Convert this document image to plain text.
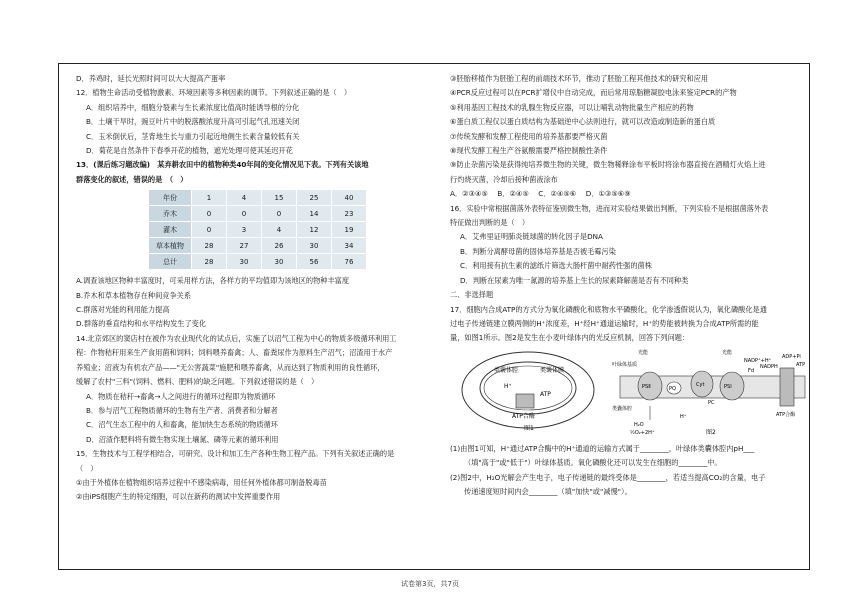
D．养鸡时，延长光照时间可以大大提高产蛋率
12．植物生命活动受植物激素、环境因素等多种因素的调节。下列叙述正确的是（　）
A．组织培养中，细胞分裂素与生长素浓度比值高时能诱导根的分化
B．土壤干旱时，豌豆叶片中的脱落酸浓度升高可引起气孔迅速关闭
C．玉米倒伏后，茎背地生长与重力引起近地侧生长素含量较低有关
D．菊花是自然条件下春季开花的植物，遮光处理可使其延迟开花
13．(课后练习题改编)　某弃耕农田中的植物种类40年间的变化情况见下表。下列有关该地
群落变化的叙述，错误的是　（　）
年份	1	4	15	25	40
乔木	0	0	0	14	23
灌木	0	3	4	12	19
草本植物	28	27	26	30	34
总计	28	30	30	56	76
A.调查该地区物种丰富度时，可采用样方法，各样方的平均值即为该地区的物种丰富度
B.乔木和草本植物存在种间竞争关系
C.群落对光能的利用能力提高
D.群落的垂直结构和水平结构发生了变化
14.北京郊区的窦店村在被作为农业现代化的试点后，实施了以沼气工程为中心的物质多级循环利用工
程：作物秸秆用来生产食用菌和饲料；饲料喂养畜禽；人、畜粪尿作为原料生产沼气；沼渣用于水产
养殖业；沼液为有机农产品——"无公害蔬菜"施肥和喂养畜禽，从而达到了物质利用的良性循环，
缓解了农村"三料"(饲料、燃料、肥料)的缺乏问题。下列叙述错误的是（　）
A．物质在秸秆→畜禽→人之间进行的循环过程即为物质循环
B．参与沼气工程物质循环的生物有生产者、消费者和分解者
C．沼气生态工程中的人和畜禽，能加快生态系统的物质循环
D．沼渣作肥料将有微生物实现土壤氮、磷等元素的循环利用
15．生物技术与工程学相结合，可研究、设计和加工生产各种生物工程产品。下列有关叙述正确的是
（　）
①由于外植体在植物组织培养过程中不感染病毒，用任何外植体都可制备脱毒苗
②由iPS细胞产生的特定细胞，可以在新药的测试中发挥重要作用
③胚胎移植作为胚胎工程的前端技术环节，推动了胚胎工程其他技术的研究和应用
④PCR反应过程可以在PCR扩增仪中自动完成，而后常用琼脂糖凝胶电泳来鉴定PCR的产物
⑤利用基因工程技术的乳腺生物反应器，可以让哺乳动物批量生产相应的药物
⑥蛋白质工程仅以蛋白质结构为基础逆中心法则进行，就可以改造或制造新的蛋白质
⑦传统发酵和发酵工程使用的培养基都要严格灭菌
⑧现代发酵工程生产谷氨酸需要严格控制酸性条件
⑨防止杂菌污染是获得纯培养微生物的关键，微生物稀释涂布平板时将涂布器直接在酒精灯火焰上进
行灼烧灭菌，冷却后接种菌液涂布
A．②③④⑤　 B．②④⑤　 C．②④⑤⑥　 D．①③⑤⑥⑨
16．实验中常根据菌落外表特征鉴别微生物，进而对实验结果做出判断，下列实验不是根据菌落外表
特征做出判断的是（　）
A．艾弗里证明肺炎链球菌的转化因子是DNA
B．判断分离酵母菌的固体培养基是否被毛霉污染
C．利用接有抗生素的滤纸片筛选大肠杆菌中耐药性强的菌株
D．判断在尿素为唯一氮源的培养基上生长的尿素降解菌是否有不同种类
二、非选择题
17．细胞内合成ATP的方式分为氧化磷酸化和底物水平磷酸化，化学渗透假说认为，氧化磷酸化是通
过电子传递链建立膜两侧的H⁺浓度差，H⁺经H⁺通道运输时，H⁺的势能被转换为合成ATP所需的能
量，如图1所示。图2是发生在小麦叶绿体内的光反应机制，回答下列问题：
类囊体腔	类囊体膜
H⁺
ATP
ATP合酶
图1
叶绿体基质
类囊体腔
光能	光能
PSⅡ	PSⅠ
PQ
Cyt
PC
Fd
NADP⁺+H⁺
NADPH
ATP合酶
ADP+Pi
ATP
H₂O
½O₂+2H⁺
H⁺
图2
(1)由图1可知，H⁺通过ATP合酶中的H⁺通道的运输方式属于________，叶绿体类囊体腔内pH___
（填"高于"或"低于"）叶绿体基质。氧化磷酸化还可以发生在细胞的________中。
(2)图2中，H₂O光解会产生电子，电子传递链的最终受体是________，若适当提高CO₂的含量，电子
传递速度短时间内会________（填"加快"或"减慢"）。
试卷第3页，共7页
